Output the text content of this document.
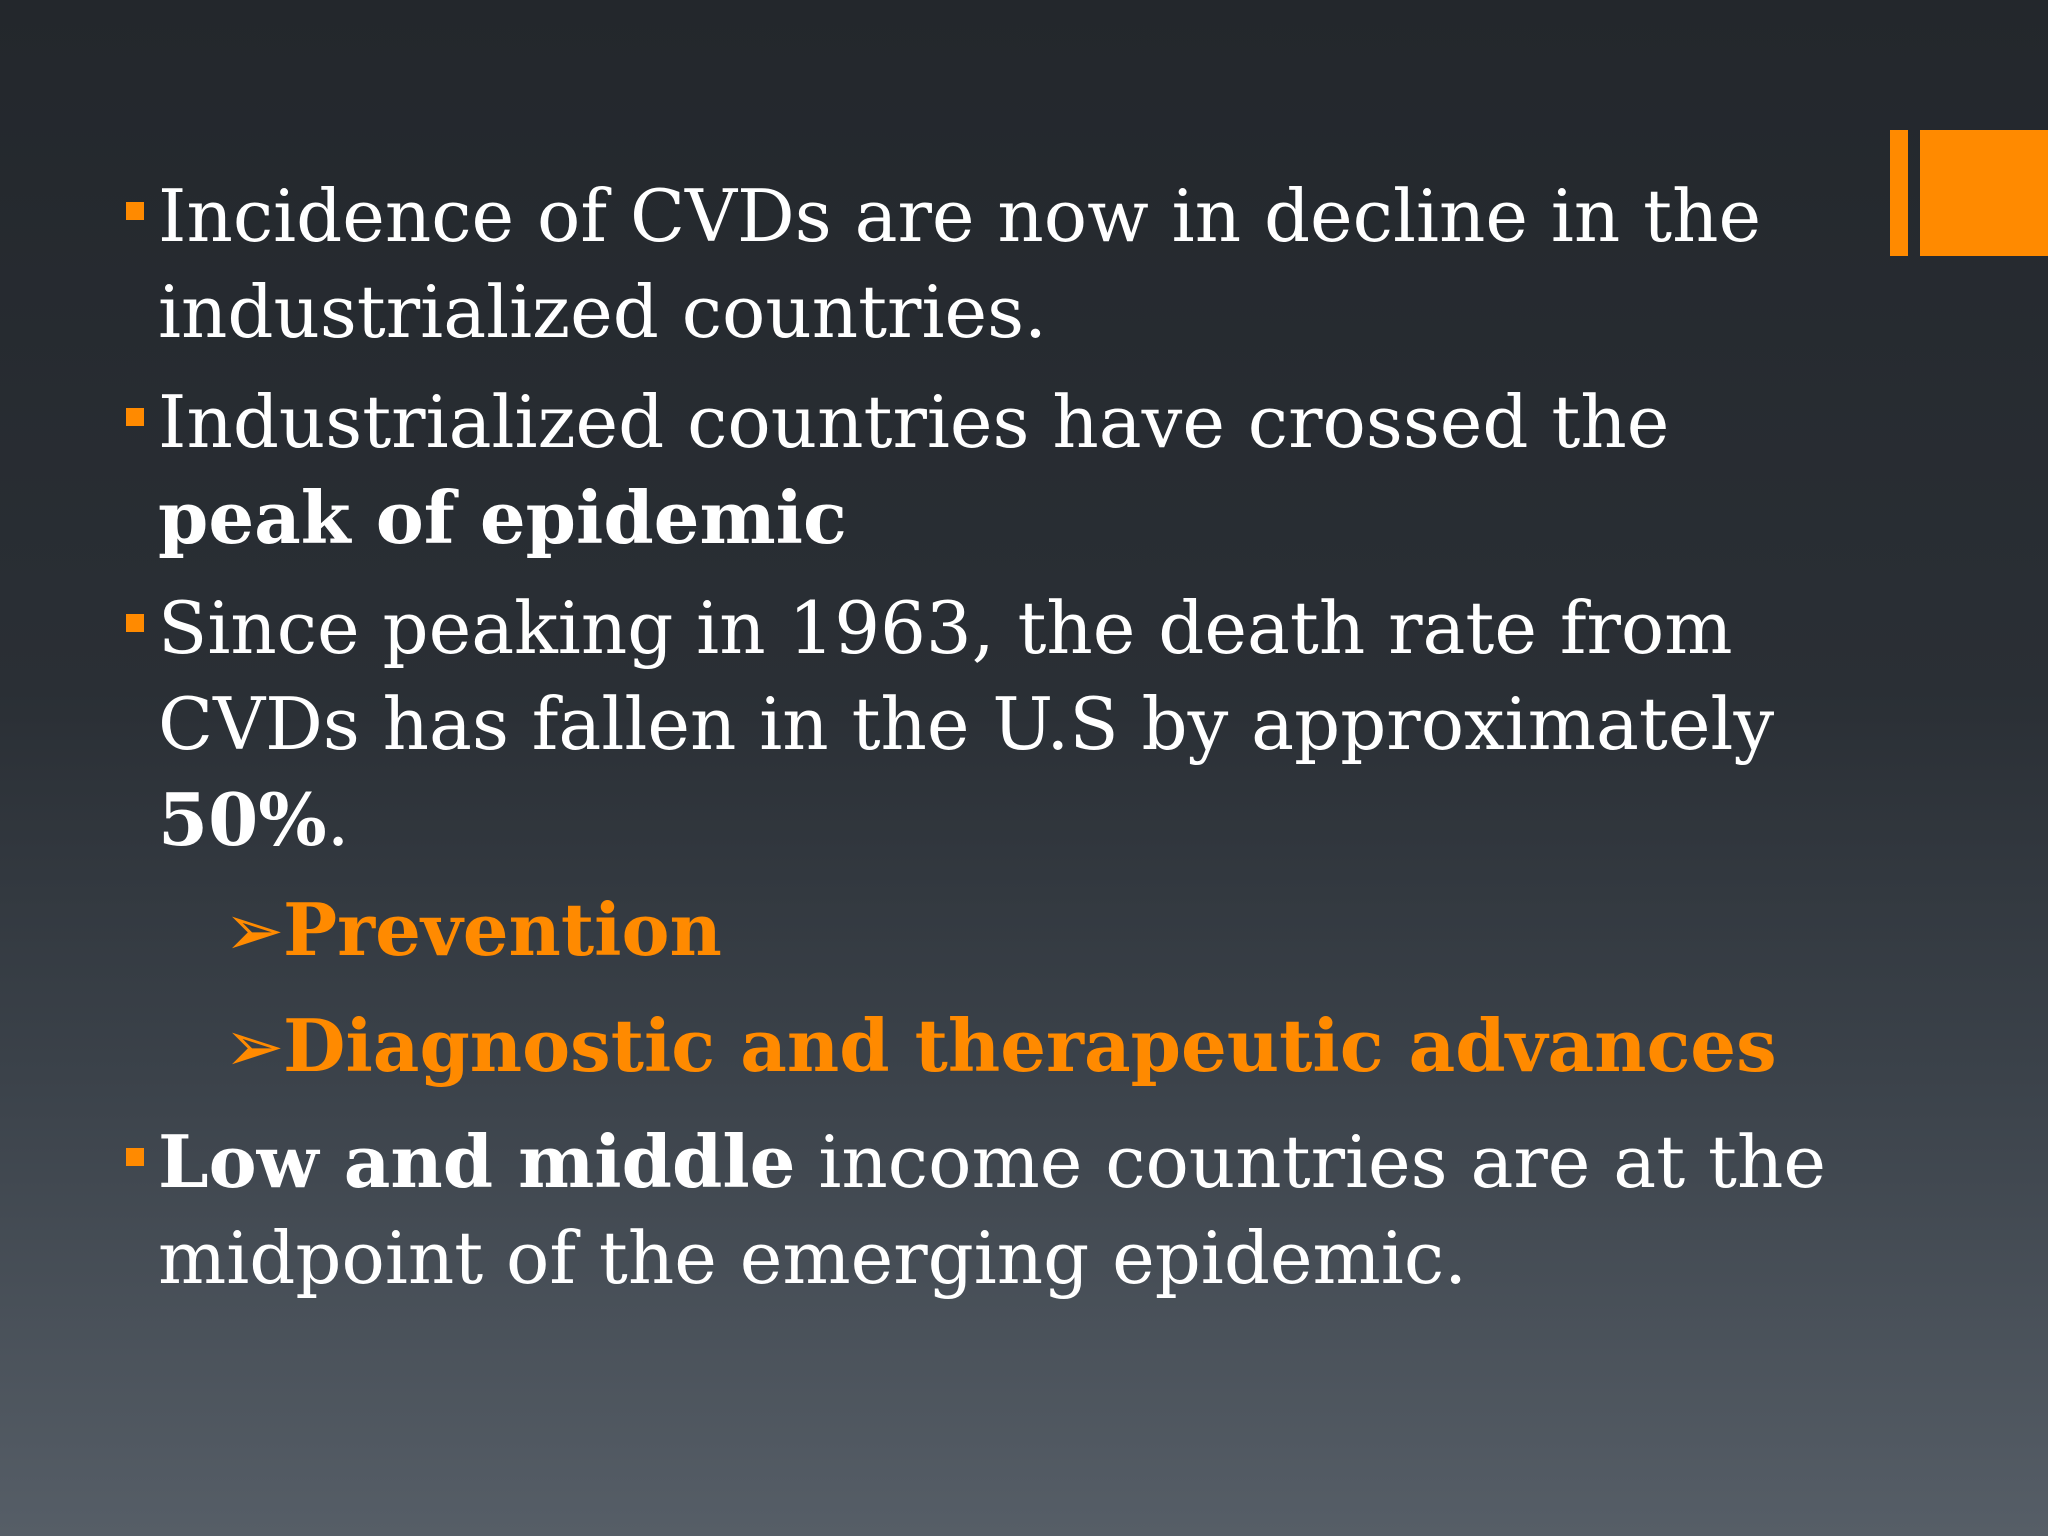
Incidence of CVDs are now in decline in the
industrialized countries.
Industrialized countries have crossed the
peak of epidemic
Since peaking in 1963, the death rate from
CVDs has fallen in the U.S by approximately
50%.
➢
Prevention
➢
Diagnostic and therapeutic advances
Low and middle income countries are at the
midpoint of the emerging epidemic.
